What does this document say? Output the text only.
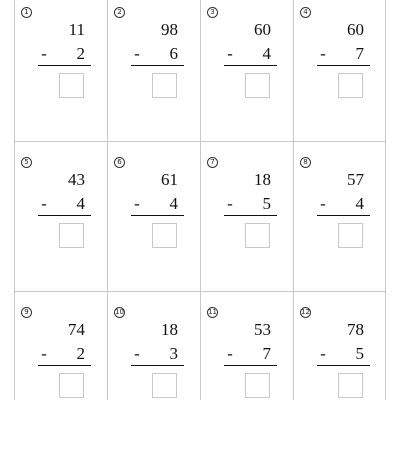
1
11
-	2
2
98
-	6
3
60
-	4
4
60
-	7
5
43
-	4
6
61
-	4
7
18
-	5
8
57
-	4
9
74
-	2
10
18
-	3
11
53
-	7
12
78
-	5
